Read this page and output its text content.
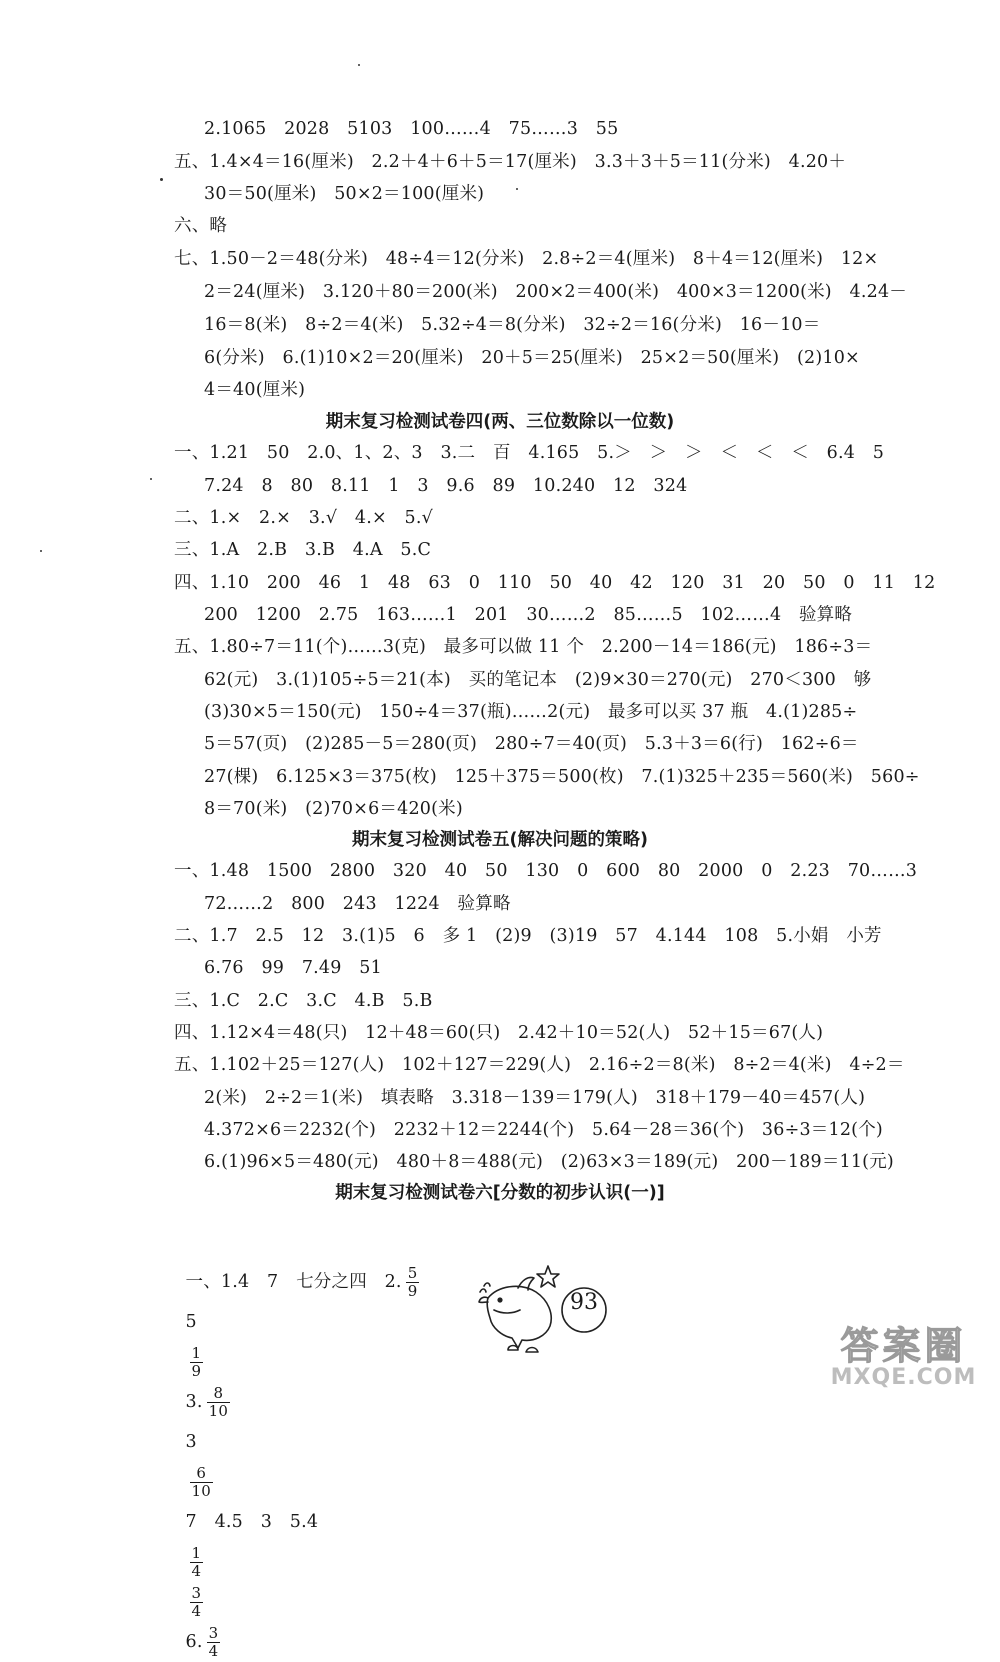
2.1065　2028　5103　100……4　75……3　55
五、1.4×4＝16(厘米)　2.2＋4＋6＋5＝17(厘米)　3.3＋3＋5＝11(分米)　4.20＋
30＝50(厘米)　50×2＝100(厘米)
六、略
七、1.50－2＝48(分米)　48÷4＝12(分米)　2.8÷2＝4(厘米)　8＋4＝12(厘米)　12×
2＝24(厘米)　3.120＋80＝200(米)　200×2＝400(米)　400×3＝1200(米)　4.24－
16＝8(米)　8÷2＝4(米)　5.32÷4＝8(分米)　32÷2＝16(分米)　16－10＝
6(分米)　6.(1)10×2＝20(厘米)　20＋5＝25(厘米)　25×2＝50(厘米)　(2)10×
4＝40(厘米)
期末复习检测试卷四(两、三位数除以一位数)
一、1.21　50　2.0、1、2、3　3.二　百　4.165　5.＞　＞　＞　＜　＜　＜　6.4　5
7.24　8　80　8.11　1　3　9.6　89　10.240　12　324
二、1.×　2.×　3.√　4.×　5.√
三、1.A　2.B　3.B　4.A　5.C
四、1.10　200　46　1　48　63　0　110　50　40　42　120　31　20　50　0　11　12
200　1200　2.75　163……1　201　30……2　85……5　102……4　验算略
五、1.80÷7＝11(个)……3(克)　最多可以做 11 个　2.200－14＝186(元)　186÷3＝
62(元)　3.(1)105÷5＝21(本)　买的笔记本　(2)9×30＝270(元)　270＜300　够
(3)30×5＝150(元)　150÷4＝37(瓶)……2(元)　最多可以买 37 瓶　4.(1)285÷
5＝57(页)　(2)285－5＝280(页)　280÷7＝40(页)　5.3＋3＝6(行)　162÷6＝
27(棵)　6.125×3＝375(枚)　125＋375＝500(枚)　7.(1)325＋235＝560(米)　560÷
8＝70(米)　(2)70×6＝420(米)
期末复习检测试卷五(解决问题的策略)
一、1.48　1500　2800　320　40　50　130　0　600　80　2000　0　2.23　70……3
72……2　800　243　1224　验算略
二、1.7　2.5　12　3.(1)5　6　多 1　(2)9　(3)19　57　4.144　108　5.小娟　小芳
6.76　99　7.49　51
三、1.C　2.C　3.C　4.B　5.B
四、1.12×4＝48(只)　12＋48＝60(只)　2.42＋10＝52(人)　52＋15＝67(人)
五、1.102＋25＝127(人)　102＋127＝229(人)　2.16÷2＝8(米)　8÷2＝4(米)　4÷2＝
2(米)　2÷2＝1(米)　填表略　3.318－139＝179(人)　318＋179－40＝457(人)
4.372×6＝2232(个)　2232＋12＝2244(个)　5.64－28＝36(个)　36÷3＝12(个)
6.(1)96×5＝480(元)　480＋8＝488(元)　(2)63×3＝189(元)　200－189＝11(元)
期末复习检测试卷六[分数的初步认识(一)]

一、1.4　7　七分之四　2. $\frac{5}{9}$

5

$\frac{1}{9}$

3. $\frac{8}{10}$

3

$\frac{6}{10}$

7　4.5　3　5.4

$\frac{1}{4}$

$\frac{3}{4}$

6. $\frac{3}{4}$

93
答案圈
MXQE.COM
